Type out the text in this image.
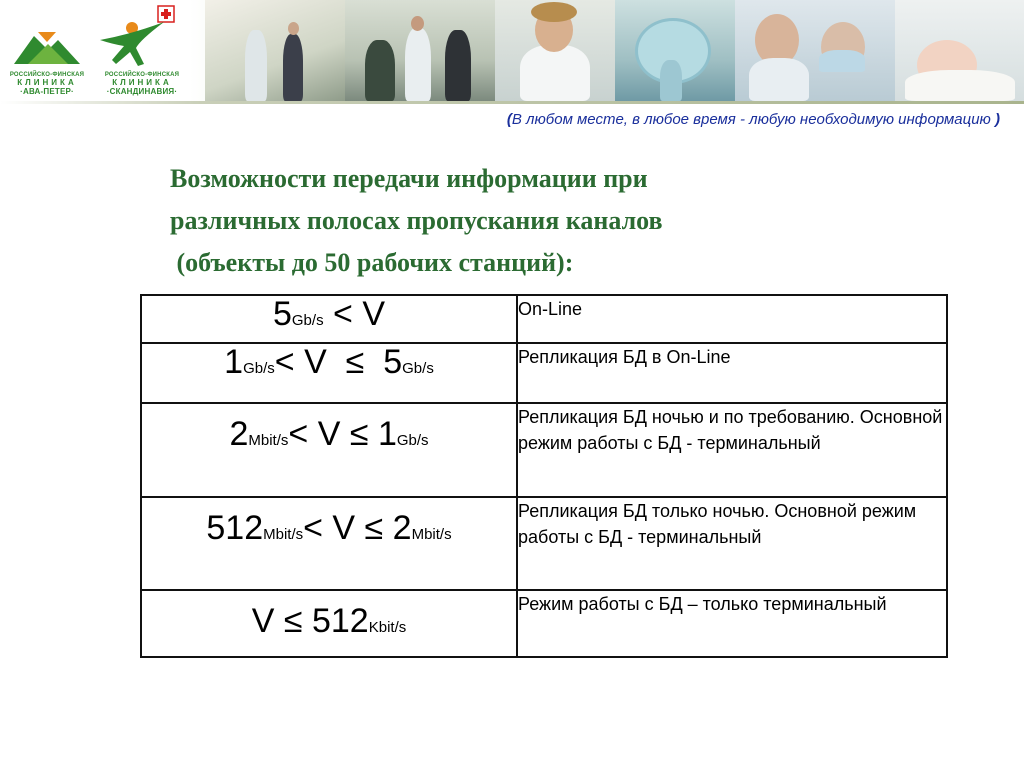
РОССИЙСКО-ФИНСКАЯ
КЛИНИКА
·АВА-ПЕТЕР·
РОССИЙСКО-ФИНСКАЯ
КЛИНИКА
·СКАНДИНАВИЯ·
(В любом месте, в любое время - любую необходимую информацию )
Возможности передачи информации при
различных полосах пропускания каналов
(объекты до 50 рабочих станций):
5Gb/s < V	On-Line
1Gb/s< V  ≤  5Gb/s	Репликация БД в On-Line
2Mbit/s< V ≤ 1Gb/s	Репликация БД ночью и по требованию. Основной режим работы с БД - терминальный
512Mbit/s< V ≤ 2Mbit/s	Репликация БД только ночью. Основной режим работы с БД - терминальный
V ≤ 512Kbit/s	Режим работы с БД – только терминальный
